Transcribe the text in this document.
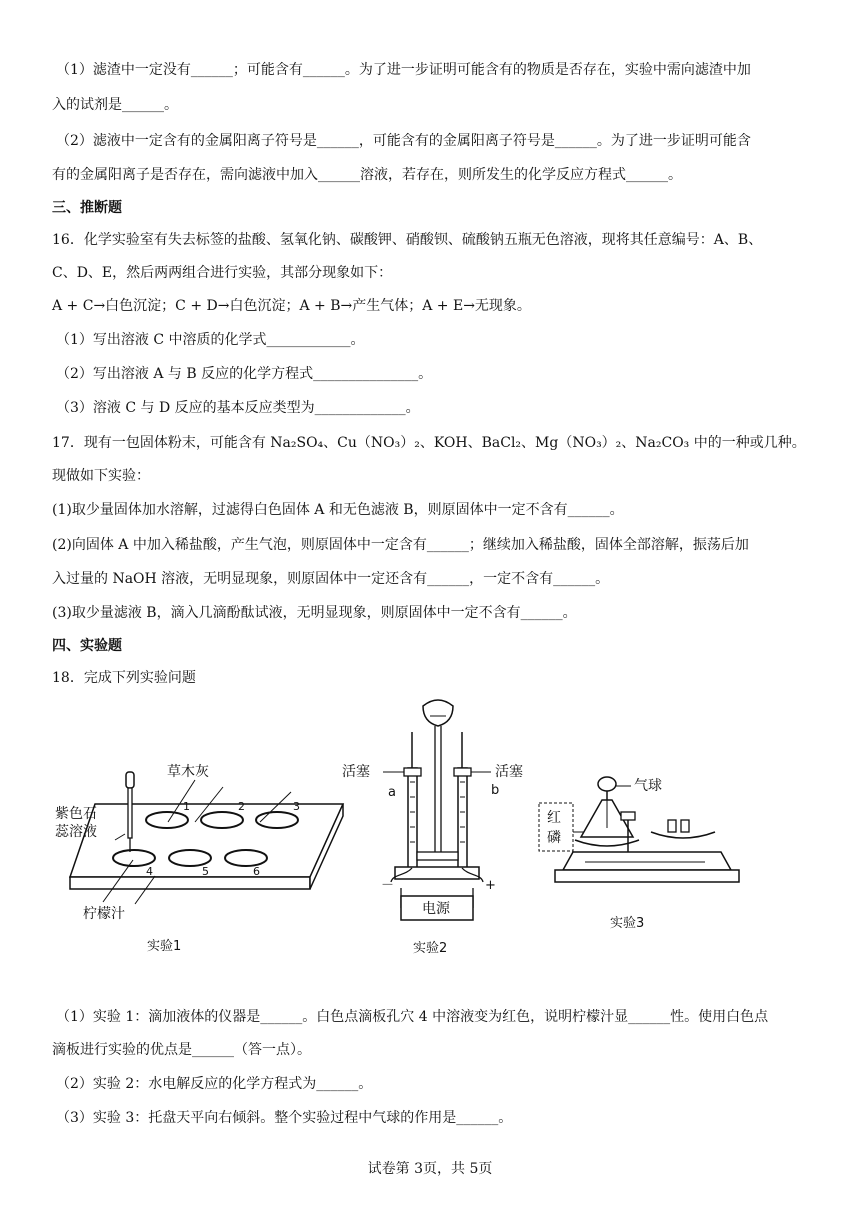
（1）滤渣中一定没有______；可能含有______。为了进一步证明可能含有的物质是否存在，实验中需向滤渣中加
入的试剂是______。
（2）滤液中一定含有的金属阳离子符号是______，可能含有的金属阳离子符号是______。为了进一步证明可能含
有的金属阳离子是否存在，需向滤液中加入______溶液，若存在，则所发生的化学反应方程式______。
三、推断题
16．化学实验室有失去标签的盐酸、氢氧化钠、碳酸钾、硝酸钡、硫酸钠五瓶无色溶液，现将其任意编号：A、B、
C、D、E，然后两两组合进行实验，其部分现象如下：
A + C→白色沉淀；C + D→白色沉淀；A + B→产生气体；A + E→无现象。
（1）写出溶液 C 中溶质的化学式____________。
（2）写出溶液 A 与 B 反应的化学方程式_______________。
（3）溶液 C 与 D 反应的基本反应类型为_____________。
17．现有一包固体粉末，可能含有 Na₂SO₄、Cu（NO₃）₂、KOH、BaCl₂、Mg（NO₃）₂、Na₂CO₃ 中的一种或几种。
现做如下实验：
(1)取少量固体加水溶解，过滤得白色固体 A 和无色滤液 B，则原固体中一定不含有______。
(2)向固体 A 中加入稀盐酸，产生气泡，则原固体中一定含有______；继续加入稀盐酸，固体全部溶解，振荡后加
入过量的 NaOH 溶液，无明显现象，则原固体中一定还含有______，一定不含有______。
(3)取少量滤液 B，滴入几滴酚酞试液，无明显现象，则原固体中一定不含有______。
四、实验题
18．完成下列实验问题
1	2	3
4	5	6
草木灰
紫色石
蕊溶液
柠檬汁
实验1
活塞	活塞
a	b
－	+
电源
实验2
红
磷
气球
实验3
（1）实验 1：滴加液体的仪器是______。白色点滴板孔穴 4 中溶液变为红色，说明柠檬汁显______性。使用白色点
滴板进行实验的优点是______（答一点）。
（2）实验 2：水电解反应的化学方程式为______。
（3）实验 3：托盘天平向右倾斜。整个实验过程中气球的作用是______。
试卷第 3页，共 5页
